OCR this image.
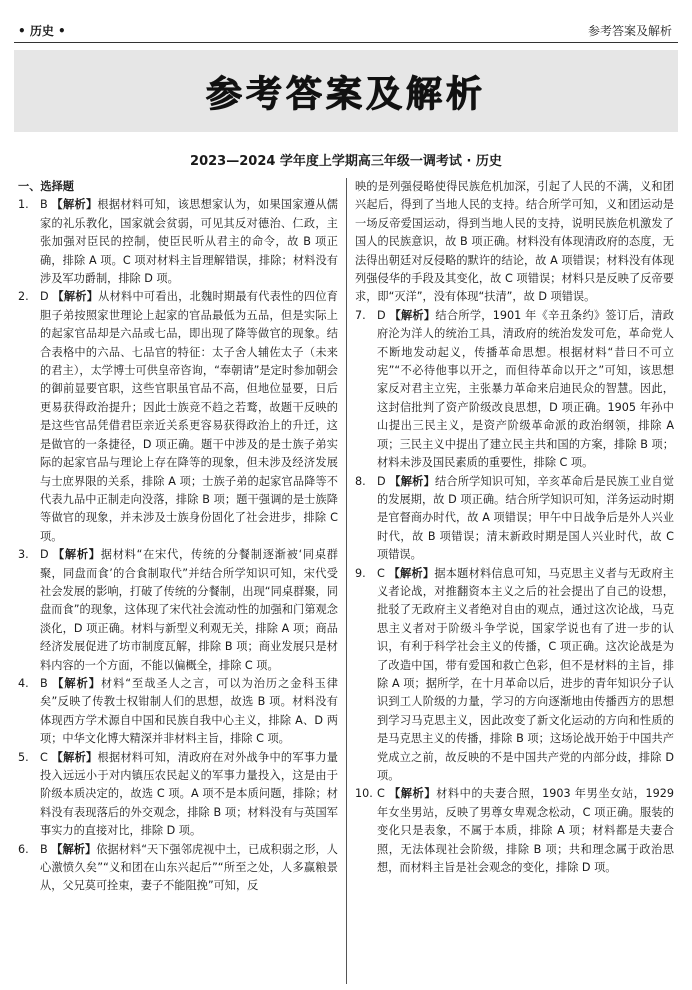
• 历史 •	参考答案及解析
参考答案及解析
2023—2024 学年度上学期高三年级一调考试 · 历史
一、选择题
1.	B 【解析】根据材料可知，该思想家认为，如果国家遵从儒家的礼乐教化，国家就会贫弱，可见其反对德治、仁政，主张加强对臣民的控制，使臣民听从君主的命令，故 B 项正确，排除 A 项。C 项对材料主旨理解错误，排除；材料没有涉及军功爵制，排除 D 项。
2.	D 【解析】从材料中可看出，北魏时期最有代表性的四位育胆子弟按照家世理论上起家的官品最低为五品，但是实际上的起家官品却是六品或七品，即出现了降等做官的现象。结合表格中的六品、七品官的特征：太子舍人辅佐太子（未来的君主），太学博士可供皇帝咨询，“奉朝请”是定时参加朝会的御前显要官职，这些官职虽官品不高，但地位显要，日后更易获得政治提升；因此士族竞不趋之若鹜，故题干反映的是这些官品凭借君臣亲近关系更容易获得政治上的升迁，这是做官的一条捷径，D 项正确。题干中涉及的是士族子弟实际的起家官品与理论上存在降等的现象，但未涉及经济发展与士庶界限的关系，排除 A 项；士族子弟的起家官品降等不代表九品中正制走向没落，排除 B 项；题干强调的是士族降等做官的现象，并未涉及士族身份固化了社会进步，排除 C 项。
3.	D 【解析】据材料“在宋代，传统的分餐制逐渐被‘同桌群聚，同盘而食’的合食制取代”并结合所学知识可知，宋代受社会发展的影响，打破了传统的分餐制，出现“同桌群聚，同盘而食”的现象，这体现了宋代社会流动性的加强和门第观念淡化，D 项正确。材料与新型义利观无关，排除 A 项；商品经济发展促进了坊市制度瓦解，排除 B 项；商业发展只是材料内容的一个方面，不能以偏概全，排除 C 项。
4.	B 【解析】材料“至哉圣人之言，可以为治历之金科玉律矣”反映了传教士权钳制人们的思想，故选 B 项。材料没有体现西方学术源自中国和民族自我中心主义，排除 A、D 两项；中华文化博大精深并非材料主旨，排除 C 项。
5.	C 【解析】根据材料可知，清政府在对外战争中的军事力量投入远远小于对内镇压农民起义的军事力量投入，这是由于阶级本质决定的，故选 C 项。A 项不是本质问题，排除；材料没有表现落后的外交观念，排除 B 项；材料没有与英国军事实力的直接对比，排除 D 项。
6.	B 【解析】依据材料“天下强邻虎视中土，已成积弱之形，人心激愤久矣”“义和团在山东兴起后”“所至之处，人多赢粮景从，父兄莫可拴束，妻子不能阻挽”可知，反

映的是列强侵略使得民族危机加深，引起了人民的不满，义和团兴起后，得到了当地人民的支持。结合所学可知，义和团运动是一场反帝爱国运动，得到当地人民的支持，说明民族危机激发了国人的民族意识，故 B 项正确。材料没有体现清政府的态度，无法得出朝廷对反侵略的默许的结论，故 A 项错误；材料没有体现列强侵华的手段及其变化，故 C 项错误；材料只是反映了反帝要求，即“灭洋”，没有体现“扶清”，故 D 项错误。

7.	D 【解析】结合所学，1901 年《辛丑条约》签订后，清政府沦为洋人的统治工具，清政府的统治发发可危，革命党人不断地发动起义，传播革命思想。根据材料“昔曰不可立宪”“不必待他事以开之，而但待革命以开之”可知，该思想家反对君主立宪，主张暴力革命来启迪民众的智慧。因此，这封信批判了资产阶级改良思想，D 项正确。1905 年孙中山提出三民主义，是资产阶级革命派的政治纲领，排除 A 项；三民主义中提出了建立民主共和国的方案，排除 B 项；材料未涉及国民素质的重要性，排除 C 项。
8.	D 【解析】结合所学知识可知，辛亥革命后是民族工业自觉的发展期，故 D 项正确。结合所学知识可知，洋务运动时期是官督商办时代，故 A 项错误；甲午中日战争后是外人兴业时代，故 B 项错误；清末新政时期是国人兴业时代，故 C 项错误。
9.	C 【解析】据本题材料信息可知，马克思主义者与无政府主义者论战，对推翻资本主义之后的社会提出了自己的设想，批驳了无政府主义者绝对自由的观点，通过这次论战，马克思主义者对于阶级斗争学说，国家学说也有了进一步的认识，有利于科学社会主义的传播，C 项正确。这次论战是为了改造中国，带有爱国和救亡色彩，但不是材料的主旨，排除 A 项；据所学，在十月革命以后，进步的青年知识分子认识到工人阶级的力量，学习的方向逐渐地由传播西方的思想到学习马克思主义，因此改变了新文化运动的方向和性质的是马克思主义的传播，排除 B 项；这场论战开始于中国共产党成立之前，故反映的不是中国共产党的内部分歧，排除 D 项。
10. C 【解析】材料中的夫妻合照，1903 年男坐女站，1929 年女坐男站，反映了男尊女卑观念松动，C 项正确。服装的变化只是表象，不属于本质，排除 A 项；材料都是夫妻合照，无法体现社会阶级，排除 B 项；共和理念属于政治思想，而材料主旨是社会观念的变化，排除 D 项。
